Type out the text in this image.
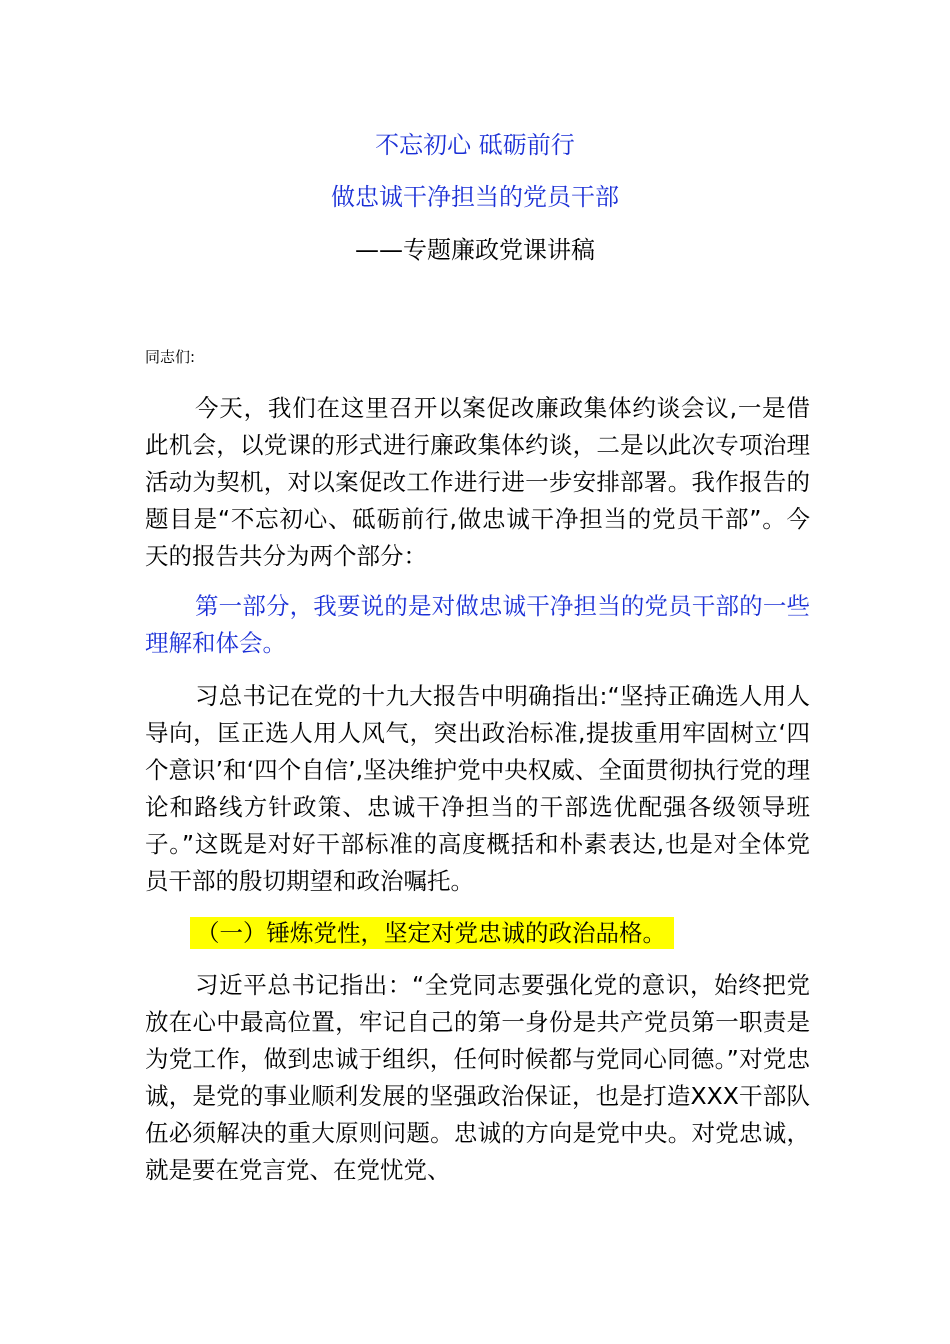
不忘初心 砥砺前行

做忠诚干净担当的党员干部

——专题廉政党课讲稿

同志们:

今天，我们在这里召开以案促改廉政集体约谈会议,一是借此机会，以党课的形式进行廉政集体约谈，二是以此次专项治理活动为契机，对以案促改工作进行进一步安排部署。我作报告的题目是“不忘初心、砥砺前行,做忠诚干净担当的党员干部”。今天的报告共分为两个部分：

第一部分，我要说的是对做忠诚干净担当的党员干部的一些理解和体会。

习总书记在党的十九大报告中明确指出:“坚持正确选人用人导向，匡正选人用人风气，突出政治标准,提拔重用牢固树立‘四个意识’和‘四个自信’,坚决维护党中央权威、全面贯彻执行党的理论和路线方针政策、忠诚干净担当的干部选优配强各级领导班子。”这既是对好干部标准的高度概括和朴素表达,也是对全体党员干部的殷切期望和政治嘱托。

（一）锤炼党性，坚定对党忠诚的政治品格。

习近平总书记指出：“全党同志要强化党的意识，始终把党放在心中最高位置，牢记自己的第一身份是共产党员第一职责是为党工作，做到忠诚于组织，任何时候都与党同心同德。”对党忠诚，是党的事业顺利发展的坚强政治保证，也是打造XXX干部队伍必须解决的重大原则问题。忠诚的方向是党中央。对党忠诚，就是要在党言党、在党忧党、
